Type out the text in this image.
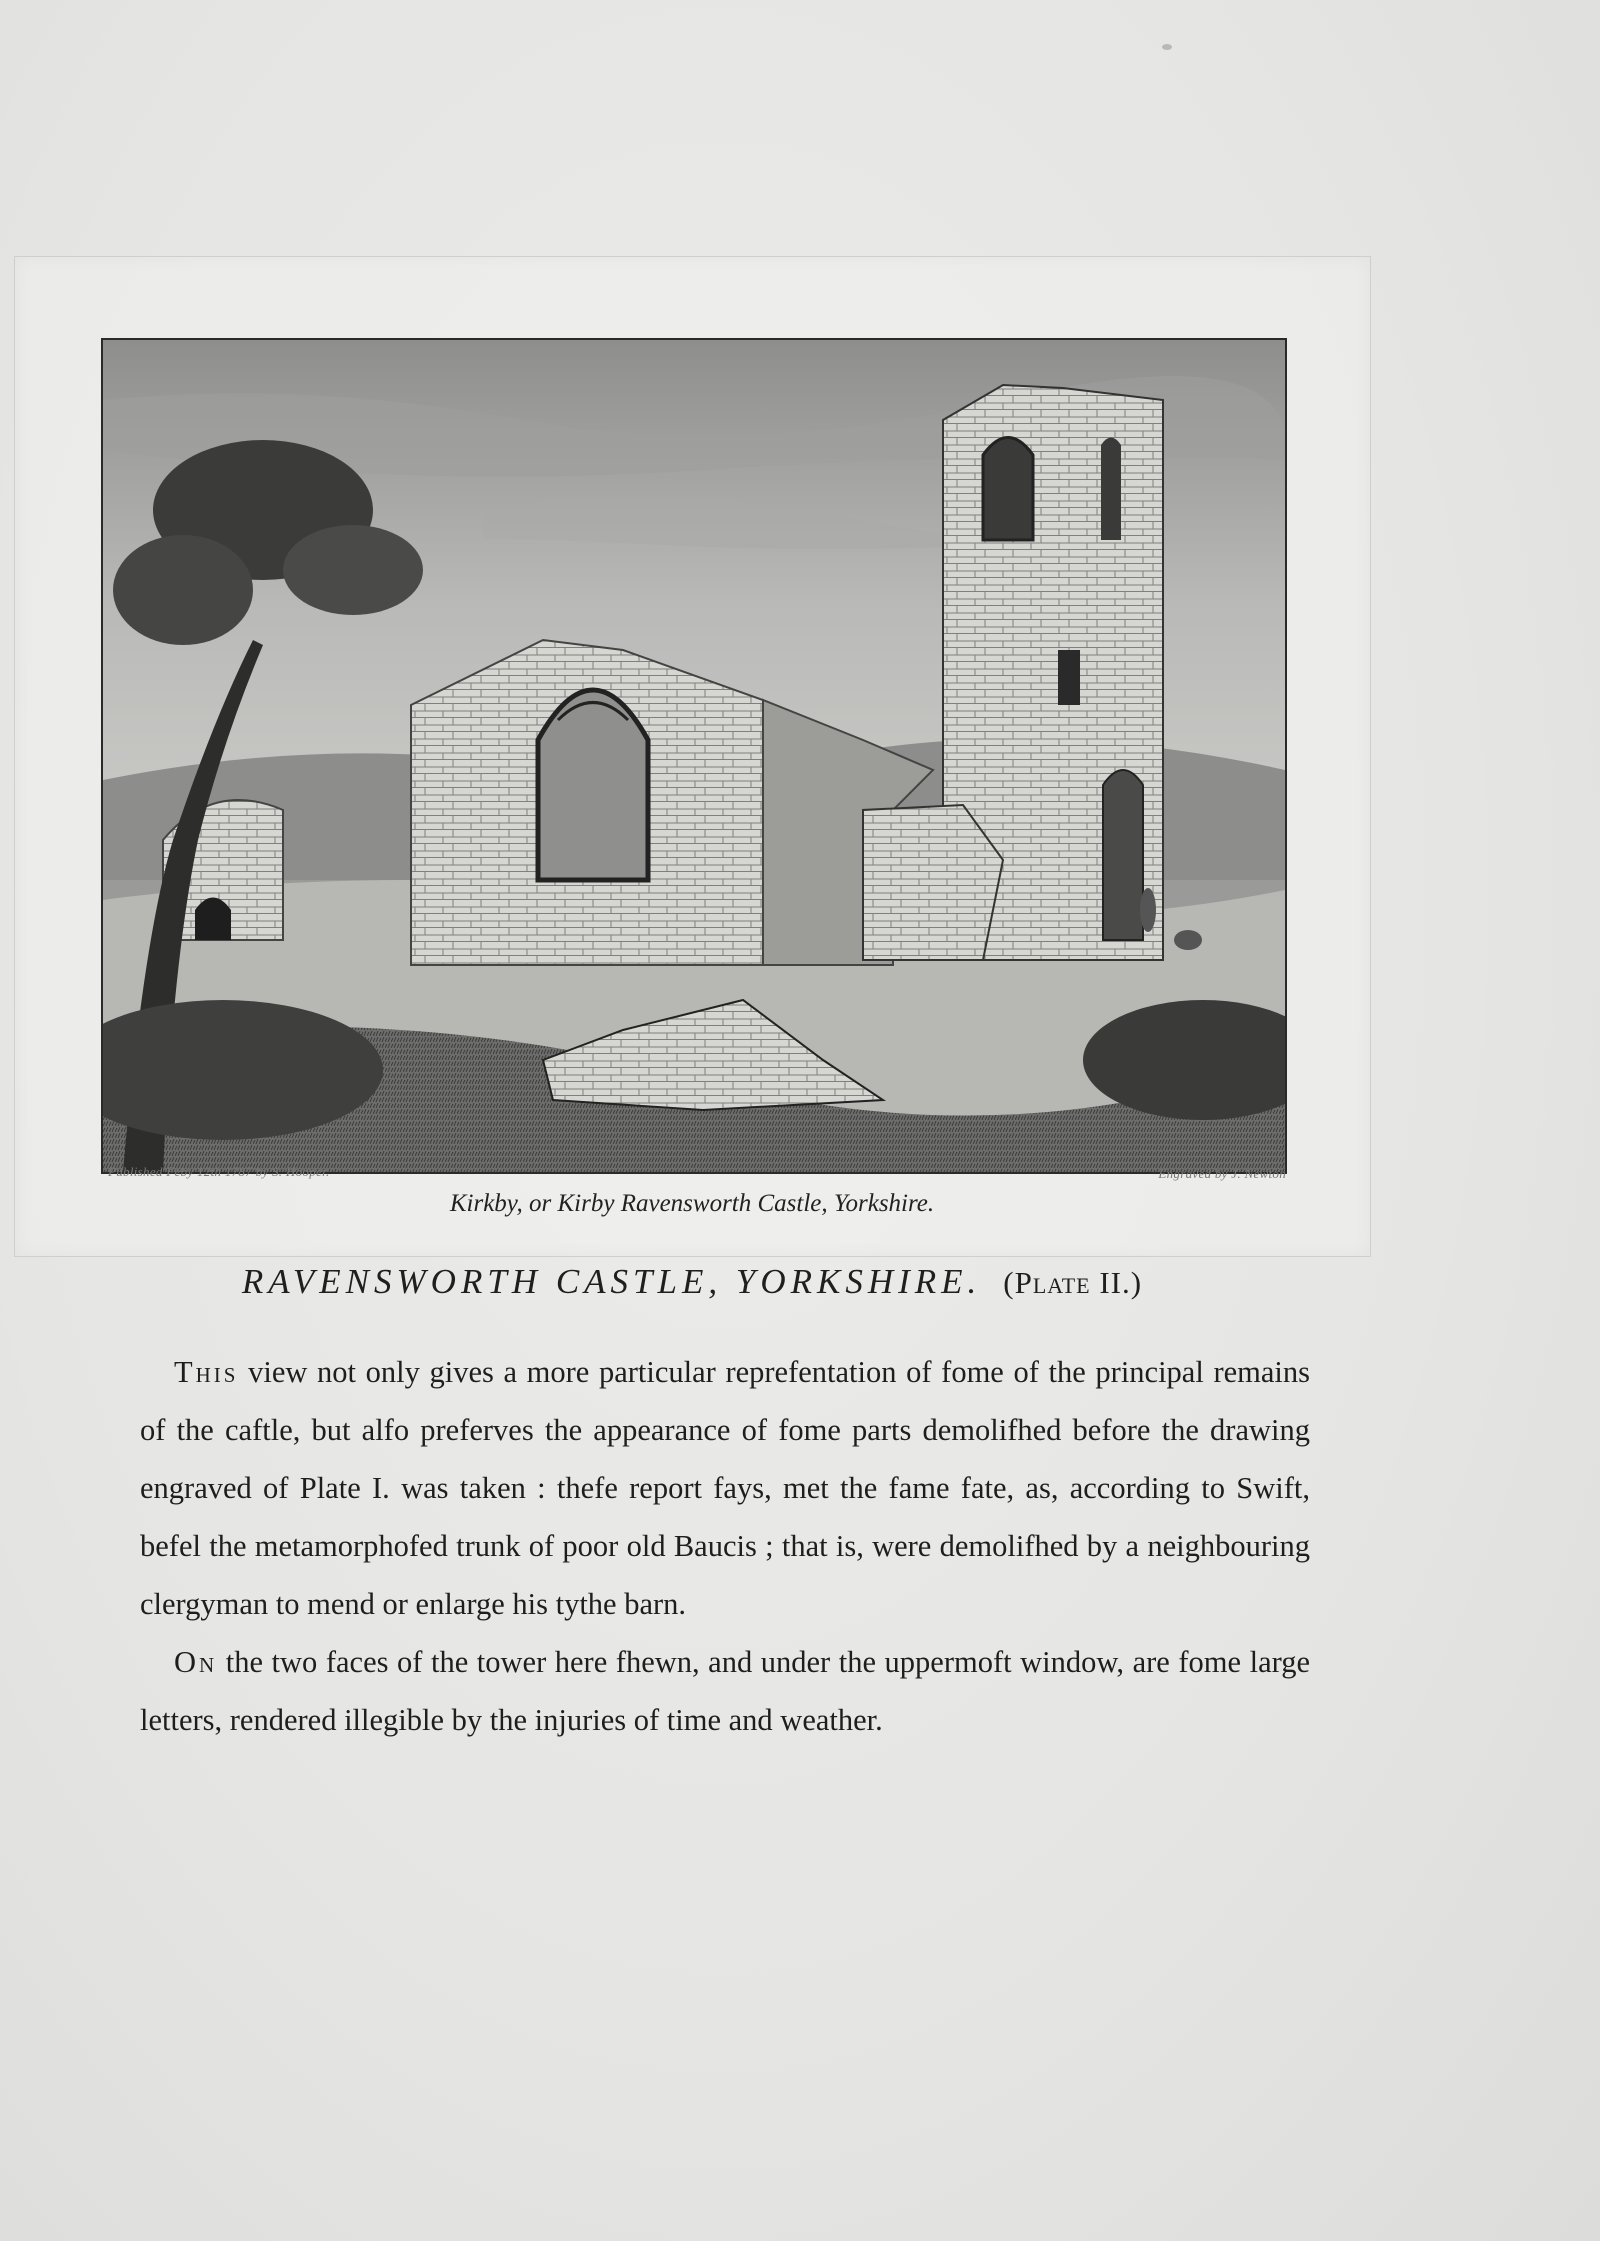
Published Feby 12th 1787 by S. Hooper.	Engraved by J. Newton
Kirkby, or Kirby Ravensworth Castle, Yorkshire.
RAVENSWORTH CASTLE, YORKSHIRE. (Plate II.)

This view not only gives a more particular reprefentation of fome of the principal remains of the caftle, but alfo preferves the appearance of fome parts demolifhed before the drawing engraved of Plate I. was taken : thefe report fays, met the fame fate, as, according to Swift, befel the metamorphofed trunk of poor old Baucis ; that is, were demolifhed by a neighbouring clergyman to mend or enlarge his tythe barn.

On the two faces of the tower here fhewn, and under the uppermoft window, are fome large letters, rendered illegible by the injuries of time and weather.
